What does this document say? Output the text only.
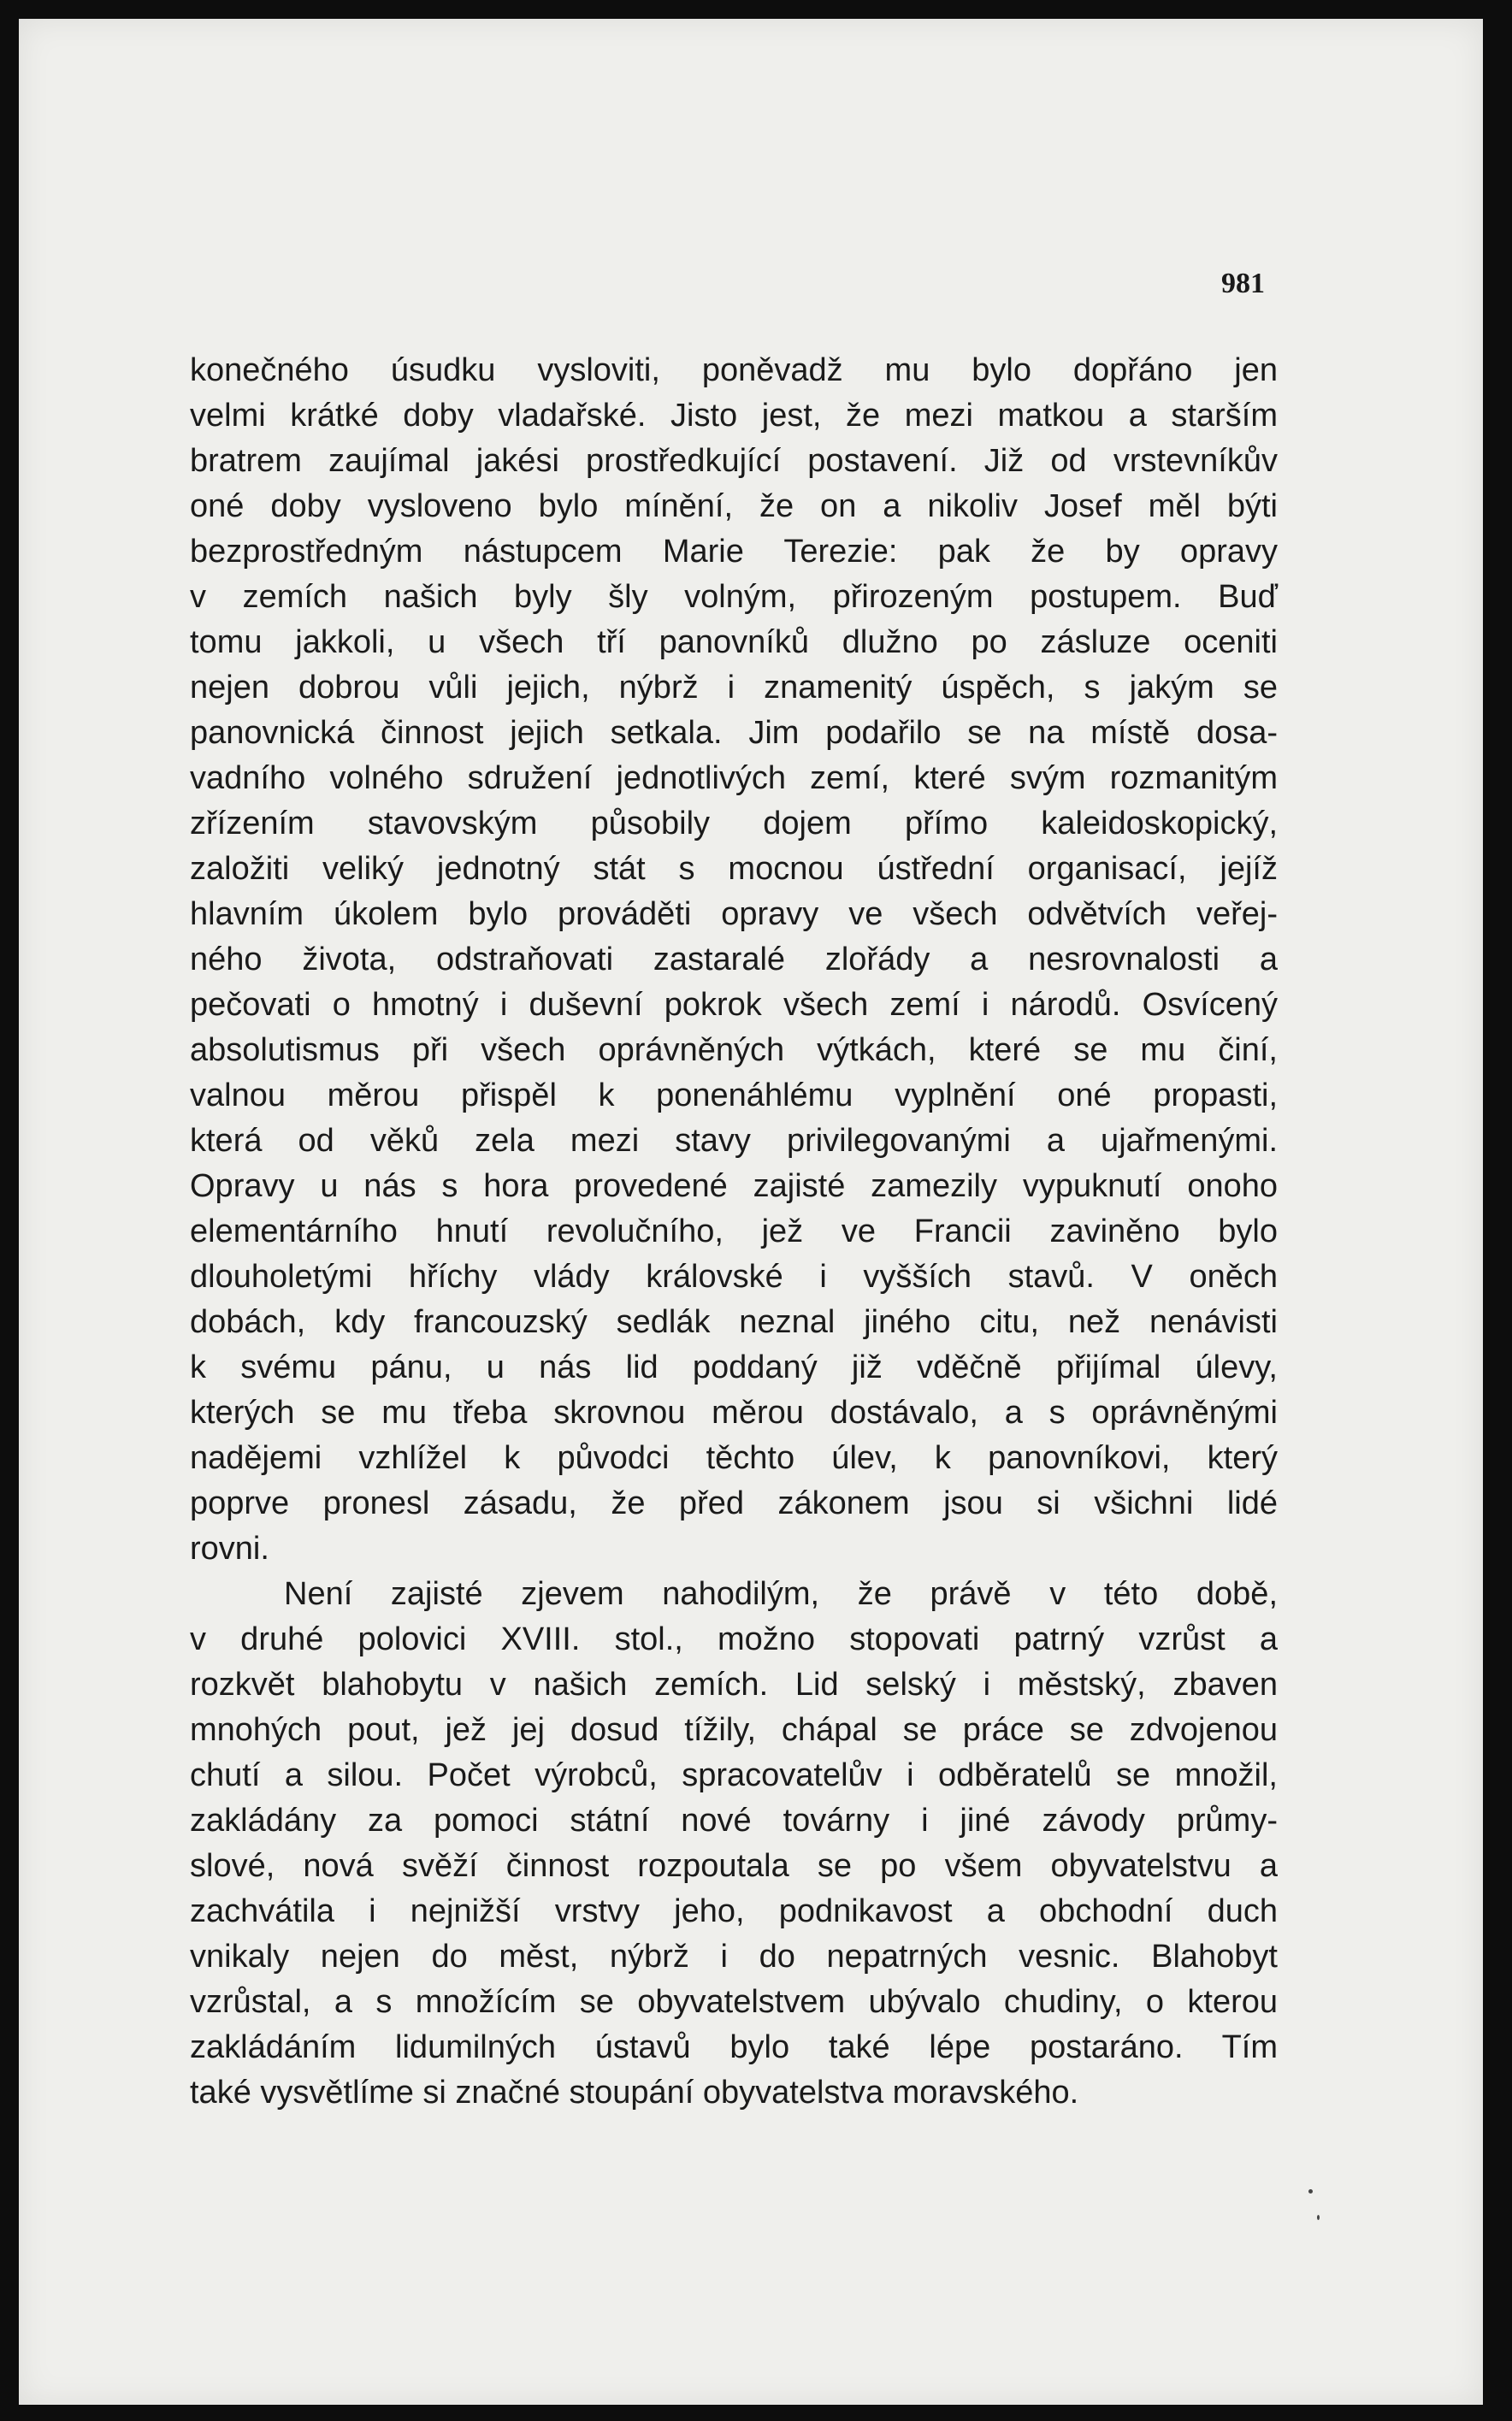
981

konečného úsudku vysloviti, poněvadž mu bylo dopřáno jen
velmi krátké doby vladařské. Jisto jest, že mezi matkou a starším
bratrem zaujímal jakési prostředkující postavení. Již od vrstevníkův
oné doby vysloveno bylo mínění, že on a nikoliv Josef měl býti
bezprostředným nástupcem Marie Terezie: pak že by opravy
v zemích našich byly šly volným, přirozeným postupem. Buď
tomu jakkoli, u všech tří panovníků dlužno po zásluze oceniti
nejen dobrou vůli jejich, nýbrž i znamenitý úspěch, s jakým se
panovnická činnost jejich setkala. Jim podařilo se na místě dosa-
vadního volného sdružení jednotlivých zemí, které svým rozmanitým
zřízením stavovským působily dojem přímo kaleidoskopický,
založiti veliký jednotný stát s mocnou ústřední organisací, jejíž
hlavním úkolem bylo prováděti opravy ve všech odvětvích veřej-
ného života, odstraňovati zastaralé zlořády a nesrovnalosti a
pečovati o hmotný i duševní pokrok všech zemí i národů. Osvícený
absolutismus při všech oprávněných výtkách, které se mu činí,
valnou měrou přispěl k ponenáhlému vyplnění oné propasti,
která od věků zela mezi stavy privilegovanými a ujařmenými.
Opravy u nás s hora provedené zajisté zamezily vypuknutí onoho
elementárního hnutí revolučního, jež ve Francii zaviněno bylo
dlouholetými hříchy vlády královské i vyšších stavů. V oněch
dobách, kdy francouzský sedlák neznal jiného citu, než nenávisti
k svému pánu, u nás lid poddaný již vděčně přijímal úlevy,
kterých se mu třeba skrovnou měrou dostávalo, a s oprávněnými
nadějemi vzhlížel k původci těchto úlev, k panovníkovi, který
poprve pronesl zásadu, že před zákonem jsou si všichni lidé
rovni.

Není zajisté zjevem nahodilým, že právě v této době,
v druhé polovici XVIII. stol., možno stopovati patrný vzrůst a
rozkvět blahobytu v našich zemích. Lid selský i městský, zbaven
mnohých pout, jež jej dosud tížily, chápal se práce se zdvojenou
chutí a silou. Počet výrobců, spracovatelův i odběratelů se množil,
zakládány za pomoci státní nové továrny i jiné závody průmy-
slové, nová svěží činnost rozpoutala se po všem obyvatelstvu a
zachvátila i nejnižší vrstvy jeho, podnikavost a obchodní duch
vnikaly nejen do měst, nýbrž i do nepatrných vesnic. Blahobyt
vzrůstal, a s množícím se obyvatelstvem ubývalo chudiny, o kterou
zakládáním lidumilných ústavů bylo také lépe postaráno. Tím
také vysvětlíme si značné stoupání obyvatelstva moravského.
